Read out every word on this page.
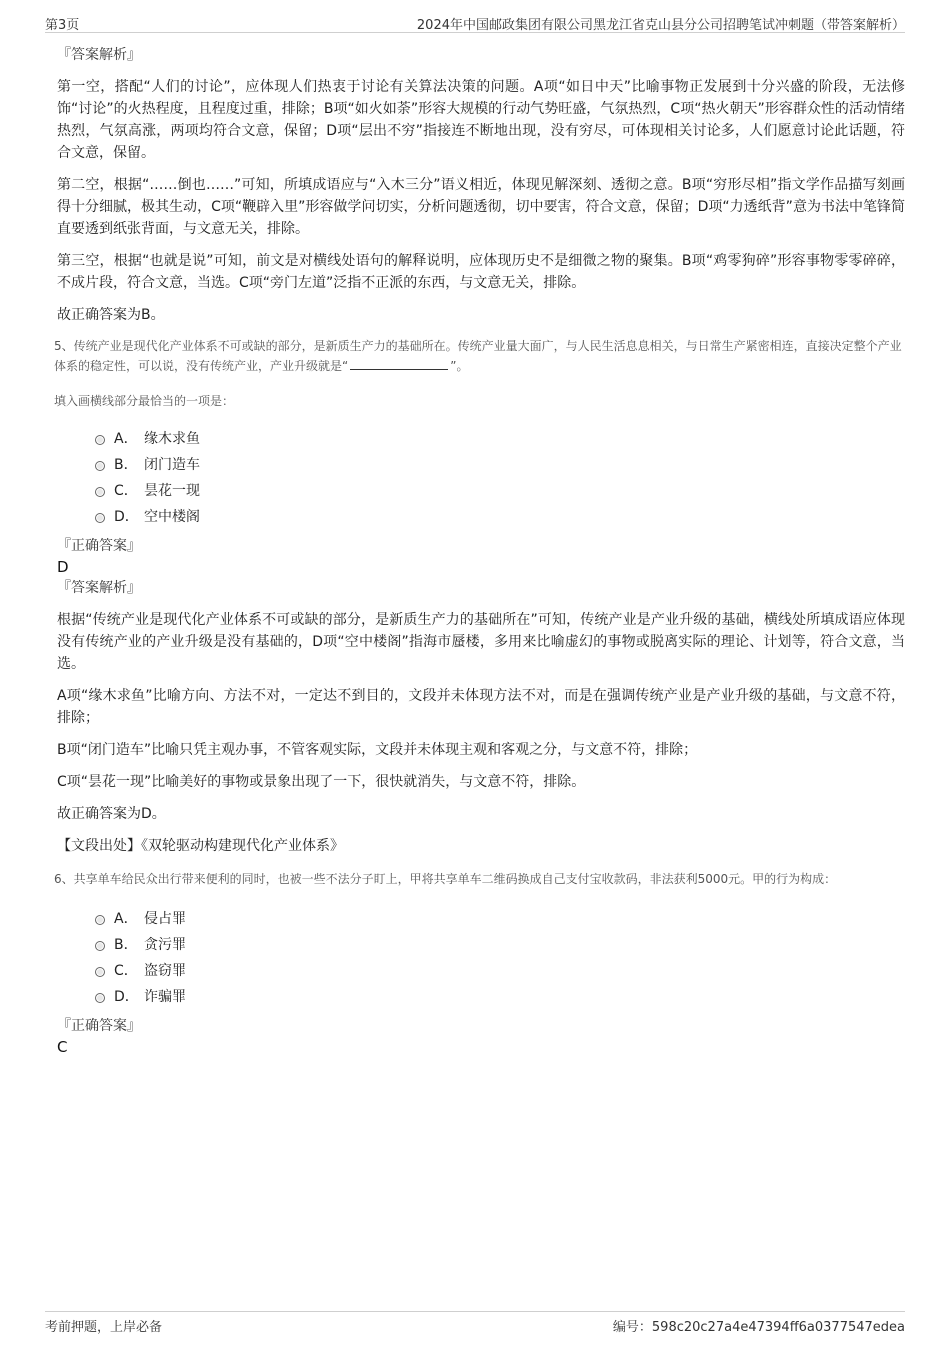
第3页	2024年中国邮政集团有限公司黑龙江省克山县分公司招聘笔试冲刺题（带答案解析）
『答案解析』

第一空，搭配“人们的讨论”，应体现人们热衷于讨论有关算法决策的问题。A项“如日中天”比喻事物正发展到十分兴盛的阶段，无法修饰“讨论”的火热程度，且程度过重，排除；B项“如火如荼”形容大规模的行动气势旺盛，气氛热烈，C项“热火朝天”形容群众性的活动情绪热烈，气氛高涨，两项均符合文意，保留；D项“层出不穷”指接连不断地出现，没有穷尽，可体现相关讨论多，人们愿意讨论此话题，符合文意，保留。

第二空，根据“……倒也……”可知，所填成语应与“入木三分”语义相近，体现见解深刻、透彻之意。B项“穷形尽相”指文学作品描写刻画得十分细腻，极其生动，C项“鞭辟入里”形容做学问切实，分析问题透彻，切中要害，符合文意，保留；D项“力透纸背”意为书法中笔锋简直要透到纸张背面，与文意无关，排除。

第三空，根据“也就是说”可知，前文是对横线处语句的解释说明，应体现历史不是细微之物的聚集。B项“鸡零狗碎”形容事物零零碎碎，不成片段，符合文意，当选。C项“旁门左道”泛指不正派的东西，与文意无关，排除。

故正确答案为B。

5、传统产业是现代化产业体系不可或缺的部分，是新质生产力的基础所在。传统产业量大面广，与人民生活息息相关，与日常生产紧密相连，直接决定整个产业体系的稳定性，可以说，没有传统产业，产业升级就是“	”。
填入画横线部分最恰当的一项是：
A． 缘木求鱼
B． 闭门造车
C． 昙花一现
D． 空中楼阁
『正确答案』
D
『答案解析』

根据“传统产业是现代化产业体系不可或缺的部分，是新质生产力的基础所在”可知，传统产业是产业升级的基础，横线处所填成语应体现没有传统产业的产业升级是没有基础的，D项“空中楼阁”指海市蜃楼，多用来比喻虚幻的事物或脱离实际的理论、计划等，符合文意，当选。

A项“缘木求鱼”比喻方向、方法不对，一定达不到目的，文段并未体现方法不对，而是在强调传统产业是产业升级的基础，与文意不符，排除；

B项“闭门造车”比喻只凭主观办事，不管客观实际，文段并未体现主观和客观之分，与文意不符，排除；

C项“昙花一现”比喻美好的事物或景象出现了一下，很快就消失，与文意不符，排除。

故正确答案为D。

【文段出处】《双轮驱动构建现代化产业体系》

6、共享单车给民众出行带来便利的同时，也被一些不法分子盯上，甲将共享单车二维码换成自己支付宝收款码，非法获利5000元。甲的行为构成：
A． 侵占罪
B． 贪污罪
C． 盗窃罪
D． 诈骗罪
『正确答案』
C
考前押题，上岸必备	编号：598c20c27a4e47394ff6a0377547edea
